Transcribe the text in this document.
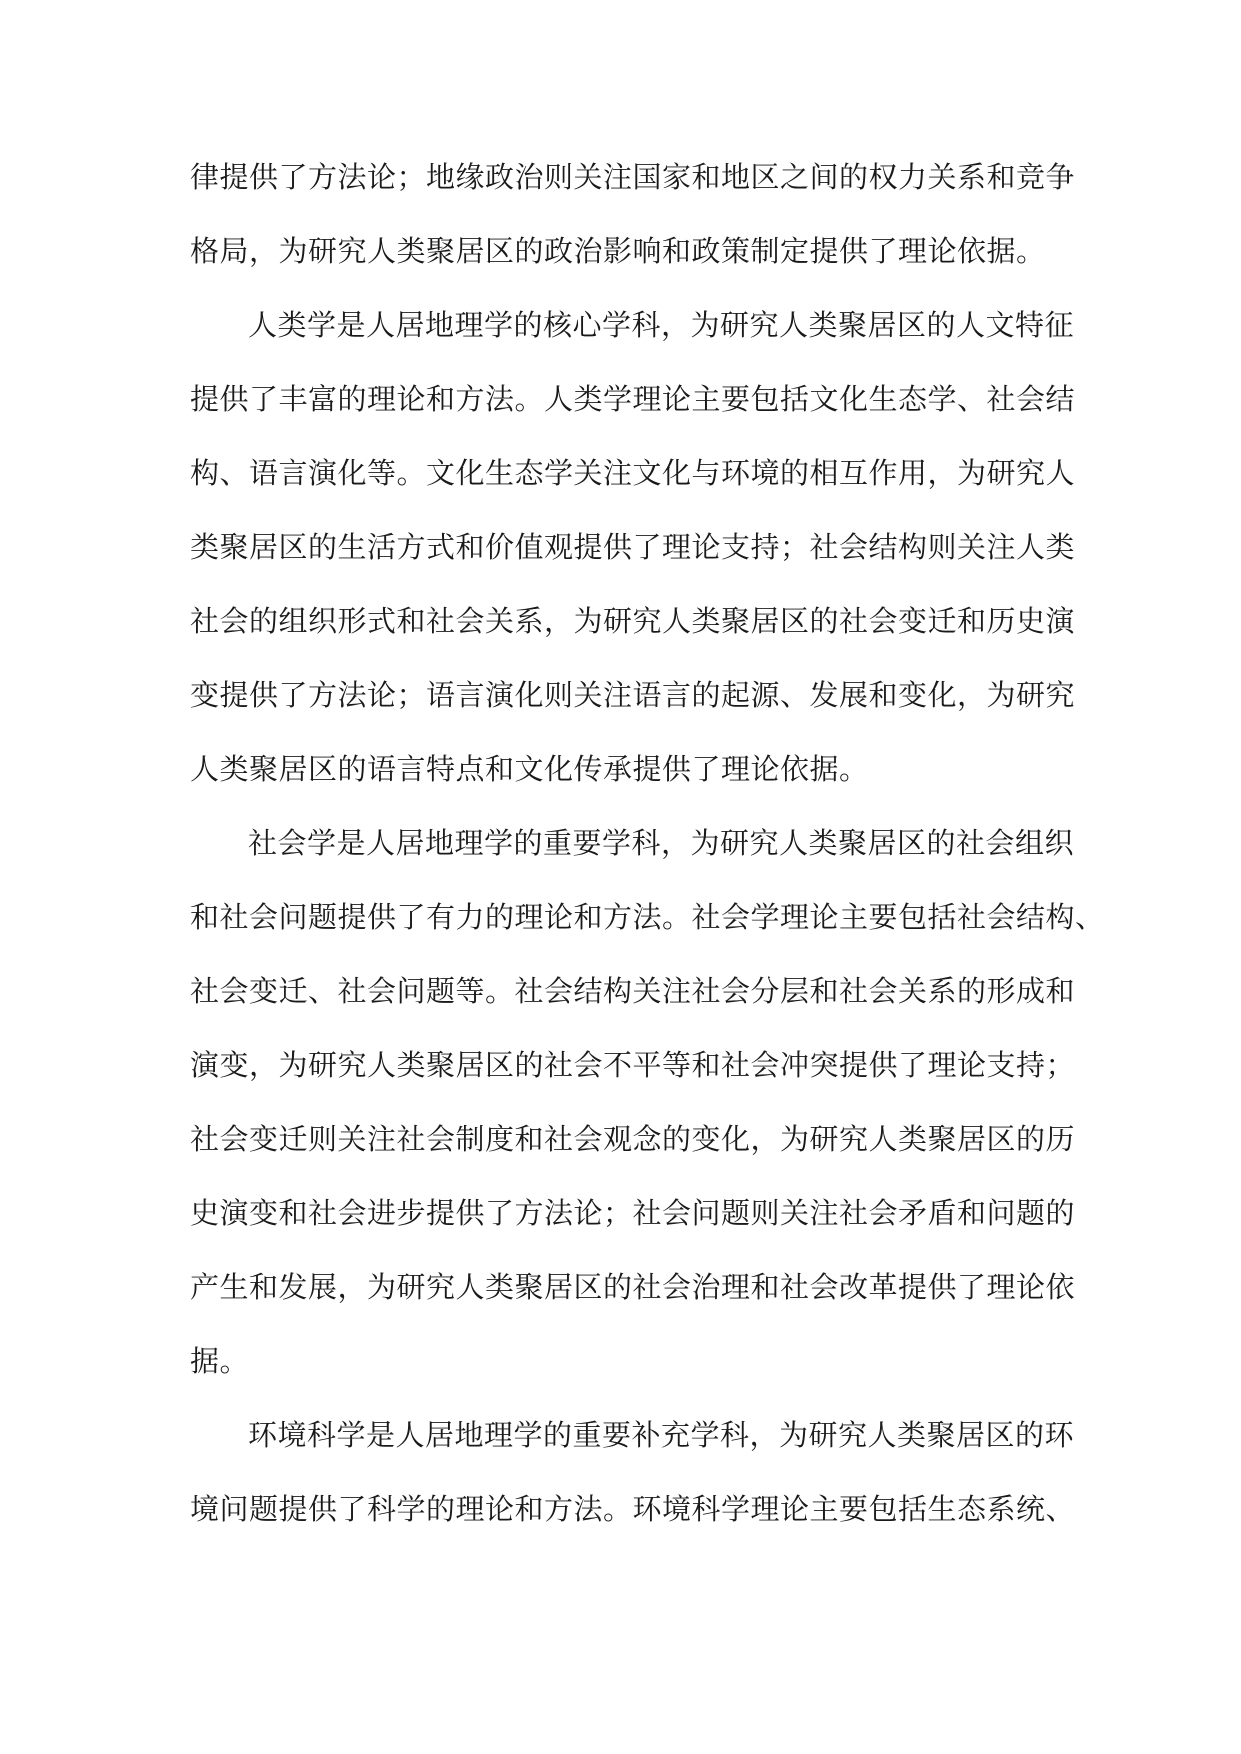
律提供了方法论；地缘政治则关注国家和地区之间的权力关系和竞争
格局，为研究人类聚居区的政治影响和政策制定提供了理论依据。
人类学是人居地理学的核心学科，为研究人类聚居区的人文特征
提供了丰富的理论和方法。人类学理论主要包括文化生态学、社会结
构、语言演化等。文化生态学关注文化与环境的相互作用，为研究人
类聚居区的生活方式和价值观提供了理论支持；社会结构则关注人类
社会的组织形式和社会关系，为研究人类聚居区的社会变迁和历史演
变提供了方法论；语言演化则关注语言的起源、发展和变化，为研究
人类聚居区的语言特点和文化传承提供了理论依据。
社会学是人居地理学的重要学科，为研究人类聚居区的社会组织
和社会问题提供了有力的理论和方法。社会学理论主要包括社会结构、
社会变迁、社会问题等。社会结构关注社会分层和社会关系的形成和
演变，为研究人类聚居区的社会不平等和社会冲突提供了理论支持；
社会变迁则关注社会制度和社会观念的变化，为研究人类聚居区的历
史演变和社会进步提供了方法论；社会问题则关注社会矛盾和问题的
产生和发展，为研究人类聚居区的社会治理和社会改革提供了理论依
据。
环境科学是人居地理学的重要补充学科，为研究人类聚居区的环
境问题提供了科学的理论和方法。环境科学理论主要包括生态系统、
